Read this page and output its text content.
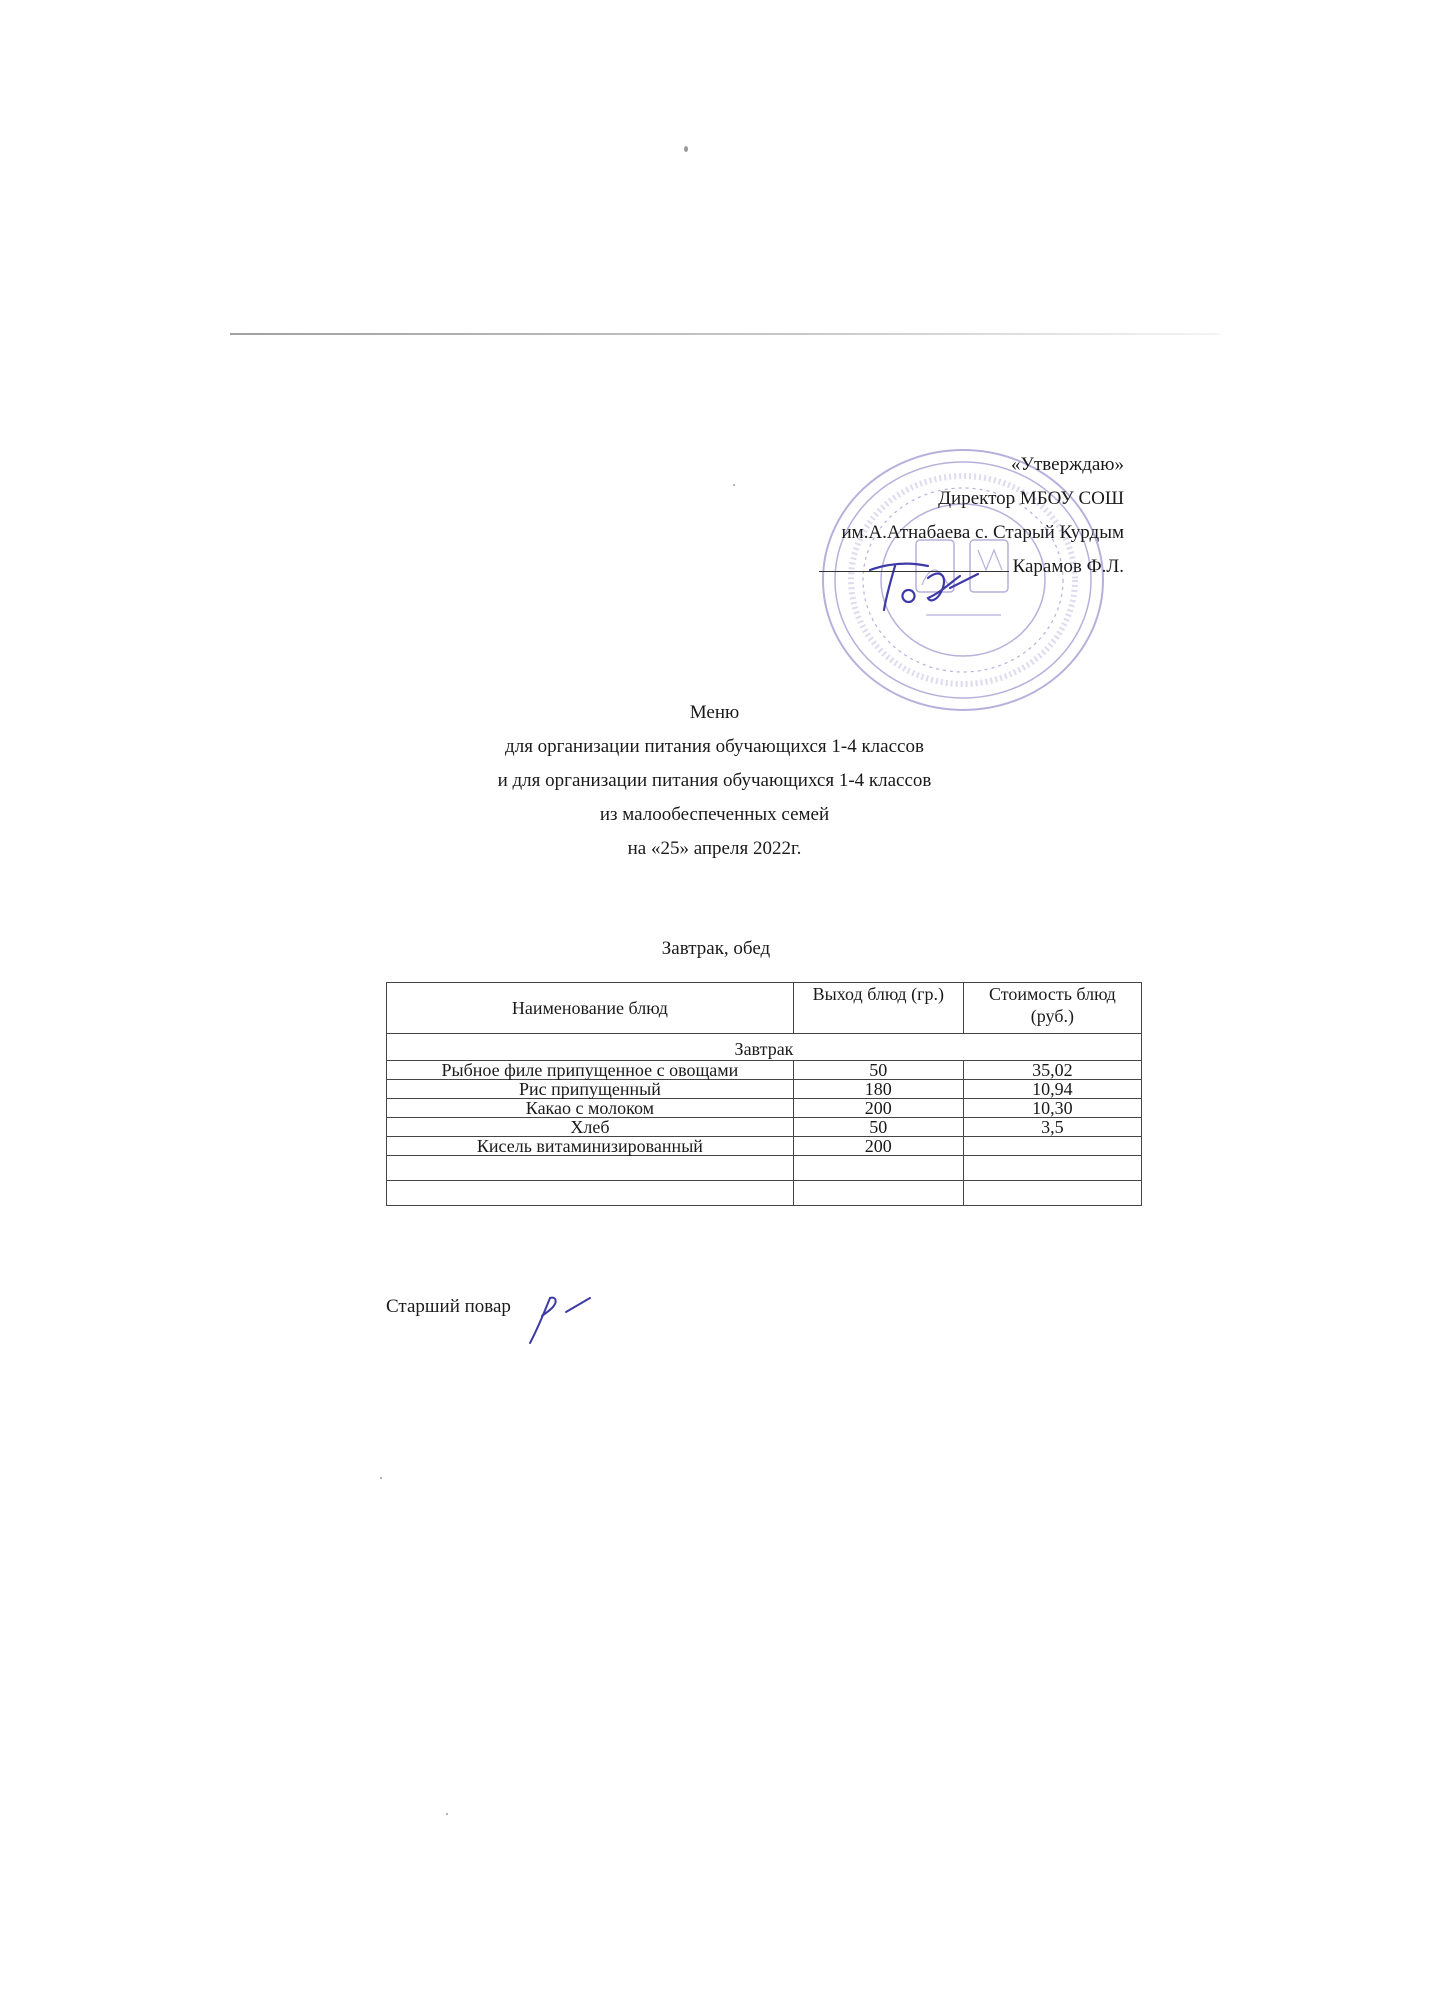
«Утверждаю»
Директор МБОУ СОШ
им.А.Атнабаева с. Старый Курдым
Карамов Ф.Л.
Меню
для организации питания обучающихся 1-4 классов
и для организации питания обучающихся 1-4 классов
из малообеспеченных семей
на «25» апреля 2022г.
Завтрак, обед
Наименование блюд	Выход блюд (гр.)	Стоимость блюд (руб.)
Завтрак		
Рыбное филе припущенное с овощами	50	35,02
Рис припущенный	180	10,94
Какао с молоком	200	10,30
Хлеб	50	3,5
Кисель витаминизированный	200	

Старший повар
